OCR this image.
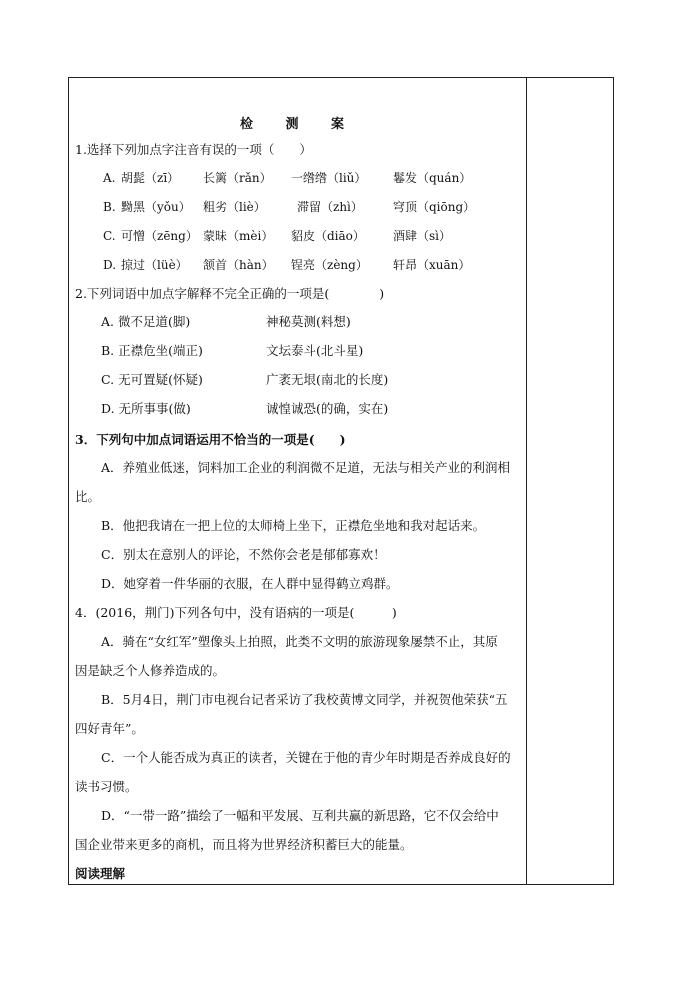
检 测 案
1.选择下列加点字注音有误的一项（　　）
A. 胡髭（zī） 长篱（rǎn） 一绺绺（liǔ） 鬈发（quán）
B. 黝黑（yǒu） 粗劣（liè）	滞留（zhì）	穹顶（qiōng）
C. 可憎（zēng） 蒙昧（mèi） 貂皮（diāo） 酒肆（sì）
D. 掠过（lüè） 颔首（hàn） 锃亮（zèng） 轩昂（xuān）
2.下列词语中加点字解释不完全正确的一项是(　　　　)
A. 微不足道(脚)	神秘莫测(料想)
B. 正襟危坐(端正)	文坛泰斗(北斗星)
C. 无可置疑(怀疑)	广袤无垠(南北的长度)
D. 无所事事(做)	诚惶诚恐(的确，实在)
3．下列句中加点词语运用不恰当的一项是(　　)
A．养殖业低迷，饲料加工企业的利润微不足道，无法与相关产业的利润相
比。
B．他把我请在一把上位的太师椅上坐下，正襟危坐地和我对起话来。
C．别太在意别人的评论，不然你会老是郁郁寡欢！
D．她穿着一件华丽的衣服，在人群中显得鹤立鸡群。
4．(2016，荆门)下列各句中，没有语病的一项是(　　　)
A．骑在“女红军”塑像头上拍照，此类不文明的旅游现象屡禁不止，其原
因是缺乏个人修养造成的。
B．5月4日，荆门市电视台记者采访了我校黄博文同学，并祝贺他荣获“五
四好青年”。
C．一个人能否成为真正的读者，关键在于他的青少年时期是否养成良好的
读书习惯。
D．“一带一路”描绘了一幅和平发展、互利共赢的新思路，它不仅会给中
国企业带来更多的商机，而且将为世界经济积蓄巨大的能量。
阅读理解
